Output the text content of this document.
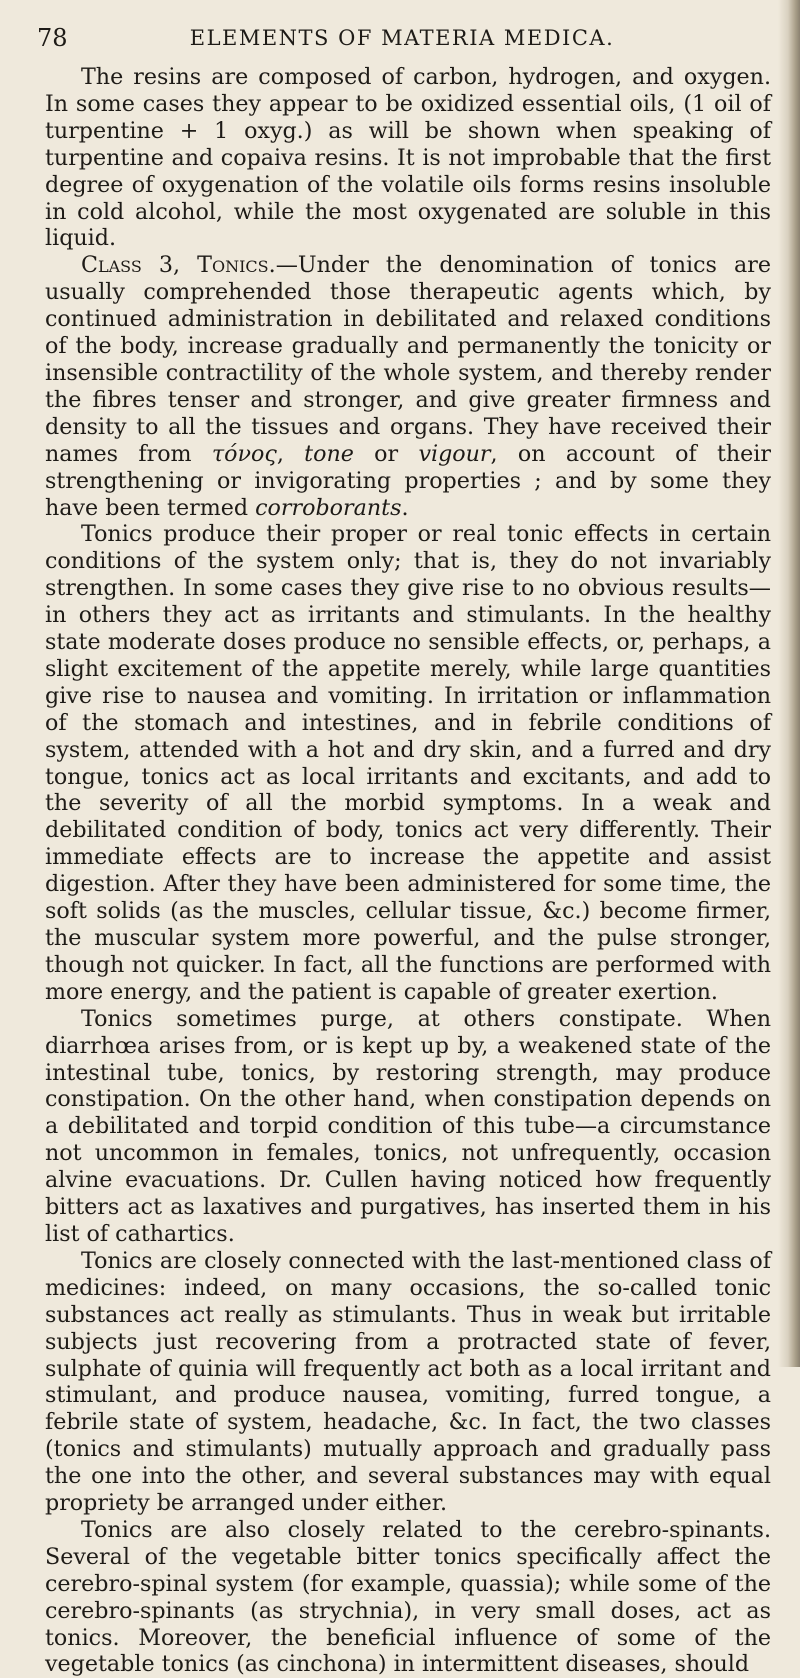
78	ELEMENTS OF MATERIA MEDICA.

The resins are composed of carbon, hydrogen, and oxygen. In some cases they appear to be oxidized essential oils, (1 oil of turpentine + 1 oxyg.) as will be shown when speaking of turpentine and copaiva resins. It is not improbable that the first degree of oxygenation of the volatile oils forms resins insoluble in cold alcohol, while the most oxygenated are soluble in this liquid.

Class 3, Tonics.—Under the denomination of tonics are usually comprehended those therapeutic agents which, by continued administration in debilitated and relaxed conditions of the body, increase gradually and permanently the tonicity or insensible contractility of the whole system, and thereby render the fibres tenser and stronger, and give greater firmness and density to all the tissues and organs. They have received their names from τόνος, tone or vigour, on account of their strengthening or invigorating properties ; and by some they have been termed corroborants.

Tonics produce their proper or real tonic effects in certain conditions of the system only; that is, they do not invariably strengthen. In some cases they give rise to no obvious results—in others they act as irritants and stimulants. In the healthy state moderate doses produce no sensible effects, or, perhaps, a slight excitement of the appetite merely, while large quantities give rise to nausea and vomiting. In irritation or inflammation of the stomach and intestines, and in febrile conditions of system, attended with a hot and dry skin, and a furred and dry tongue, tonics act as local irritants and excitants, and add to the severity of all the morbid symptoms. In a weak and debilitated condition of body, tonics act very differently. Their immediate effects are to increase the appetite and assist digestion. After they have been administered for some time, the soft solids (as the muscles, cellular tissue, &c.) become firmer, the muscular system more powerful, and the pulse stronger, though not quicker. In fact, all the functions are performed with more energy, and the patient is capable of greater exertion.

Tonics sometimes purge, at others constipate. When diarrhœa arises from, or is kept up by, a weakened state of the intestinal tube, tonics, by restoring strength, may produce constipation. On the other hand, when constipation depends on a debilitated and torpid condition of this tube—a circumstance not uncommon in females, tonics, not unfrequently, occasion alvine evacuations. Dr. Cullen having noticed how frequently bitters act as laxatives and purgatives, has inserted them in his list of cathartics.

Tonics are closely connected with the last-mentioned class of medicines: indeed, on many occasions, the so-called tonic substances act really as stimulants. Thus in weak but irritable subjects just recovering from a protracted state of fever, sulphate of quinia will frequently act both as a local irritant and stimulant, and produce nausea, vomiting, furred tongue, a febrile state of system, headache, &c. In fact, the two classes (tonics and stimulants) mutually approach and gradually pass the one into the other, and several substances may with equal propriety be arranged under either.

Tonics are also closely related to the cerebro-spinants. Several of the vegetable bitter tonics specifically affect the cerebro-spinal system (for example, quassia); while some of the cerebro-spinants (as strychnia), in very small doses, act as tonics. Moreover, the beneficial influence of some of the vegetable tonics (as cinchona) in intermittent diseases, should
